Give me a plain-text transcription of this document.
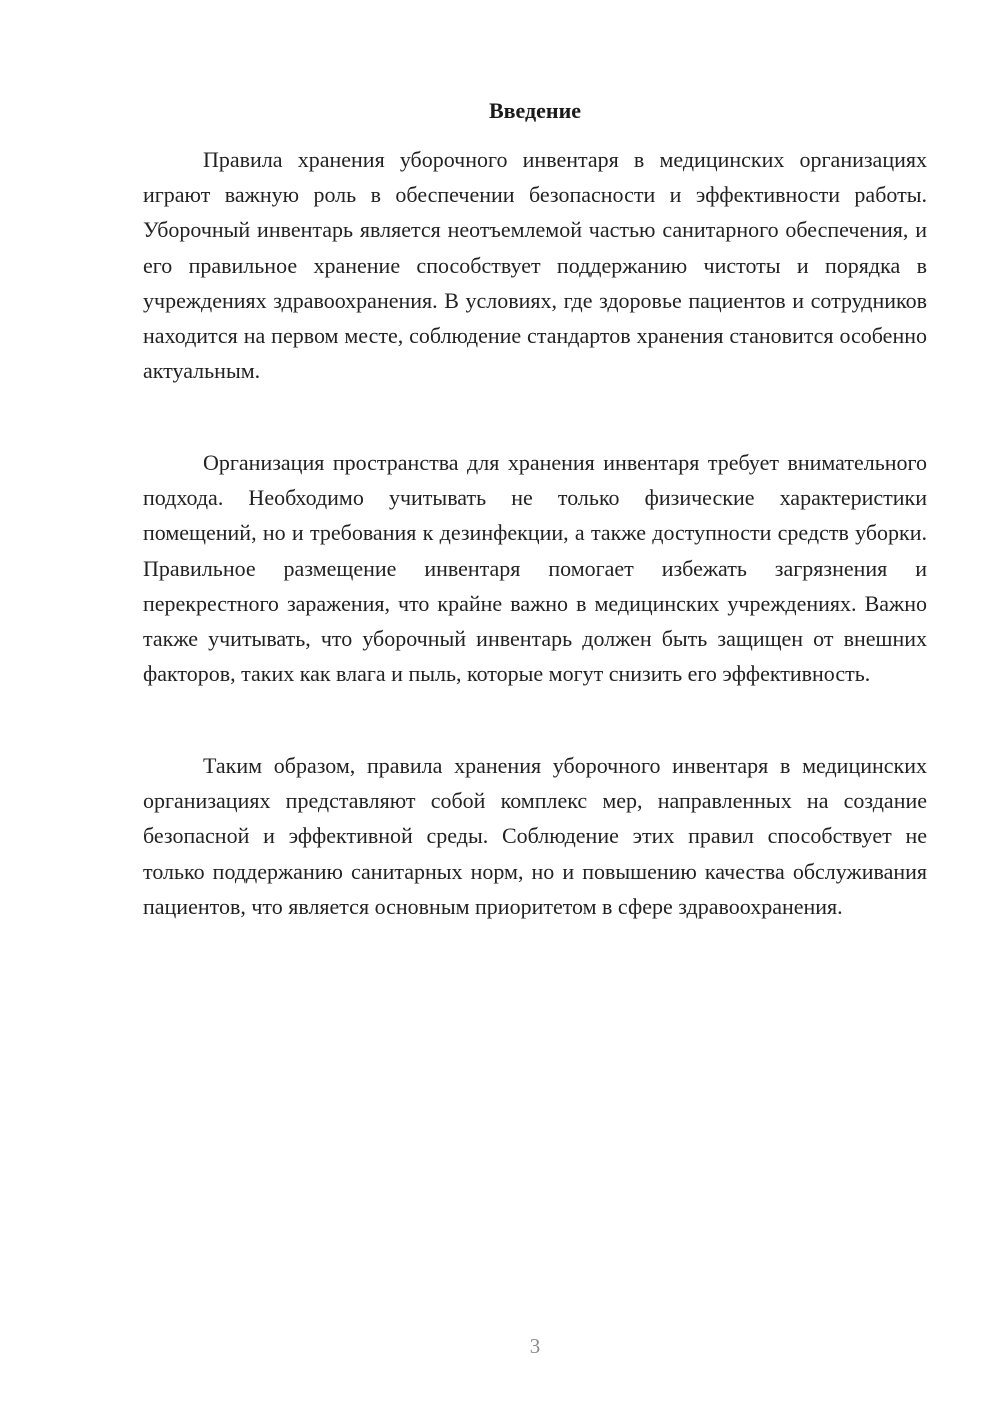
Введение

Правила хранения уборочного инвентаря в медицинских организациях играют важную роль в обеспечении безопасности и эффективности работы. Уборочный инвентарь является неотъемлемой частью санитарного обеспечения, и его правильное хранение способствует поддержанию чистоты и порядка в учреждениях здравоохранения. В условиях, где здоровье пациентов и сотрудников находится на первом месте, соблюдение стандартов хранения становится особенно актуальным.

Организация пространства для хранения инвентаря требует внимательного подхода. Необходимо учитывать не только физические характеристики помещений, но и требования к дезинфекции, а также доступности средств уборки. Правильное размещение инвентаря помогает избежать загрязнения и перекрестного заражения, что крайне важно в медицинских учреждениях. Важно также учитывать, что уборочный инвентарь должен быть защищен от внешних факторов, таких как влага и пыль, которые могут снизить его эффективность.

Таким образом, правила хранения уборочного инвентаря в медицинских организациях представляют собой комплекс мер, направленных на создание безопасной и эффективной среды. Соблюдение этих правил способствует не только поддержанию санитарных норм, но и повышению качества обслуживания пациентов, что является основным приоритетом в сфере здравоохранения.

3
